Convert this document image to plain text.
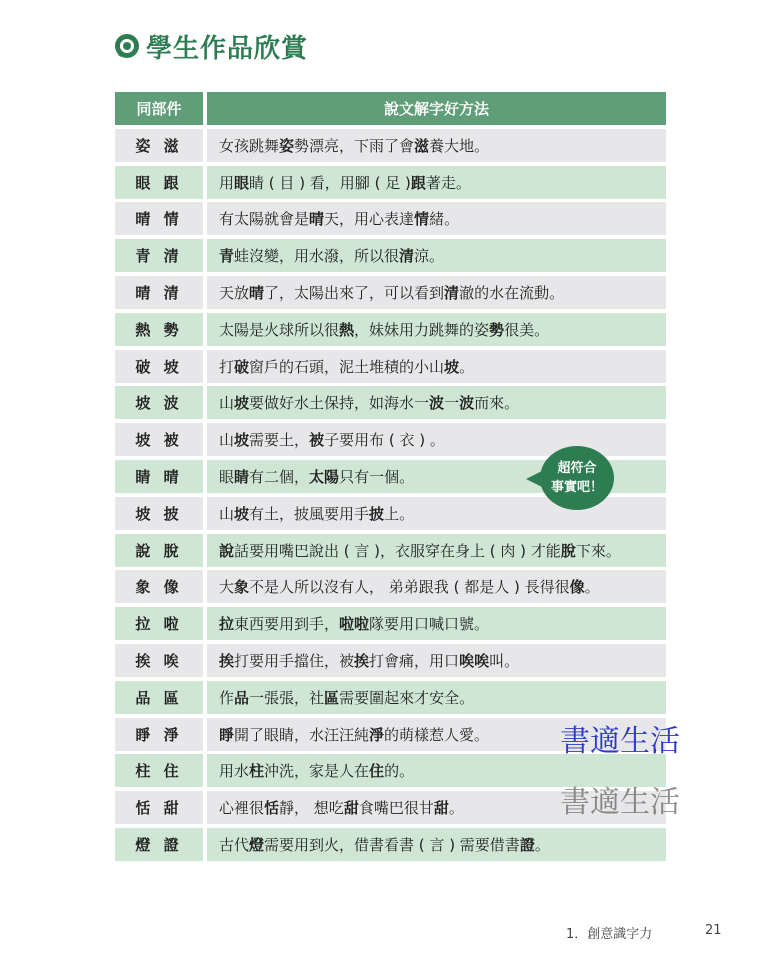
學生作品欣賞
同部件	說文解字好方法
姿 滋	女孩跳舞 姿 勢漂亮，下雨了會 滋 養大地。
眼 跟	用 眼 睛 ( 目 ) 看，用腳 ( 足 ) 跟 著走。
晴 情	有太陽就會是 晴 天，用心表達 情 緒。
青 清	青 蛙沒變，用水潑，所以很 清 涼。
晴 清	天放 晴 了，太陽出來了，可以看到 清 澈的水在流動。
熱 勢	太陽是火球所以很 熱 ，妹妹用力跳舞的姿 勢 很美。
破 坡	打 破 窗戶的石頭，泥土堆積的小山 坡 。
坡 波	山 坡 要做好水土保持，如海水一 波 一 波 而來。
坡 被	山 坡 需要土， 被 子要用布 ( 衣 ) 。
睛 晴	眼 睛 有二個， 太陽 只有一個。
坡 披	山 坡 有土，披風要用手 披 上。
說 脫	說 話要用嘴巴說出 ( 言 )，衣服穿在身上 ( 肉 ) 才能 脫 下來。
象 像	大 象 不是人所以沒有人， 弟弟跟我 ( 都是人 ) 長得很 像 。
拉 啦	拉 東西要用到手， 啦啦 隊要用口喊口號。
挨 唉	挨 打要用手擋住，被 挨 打會痛，用口 唉唉 叫。
品 區	作 品 一張張，社 區 需要圍起來才安全。
睜 淨	睜 開了眼睛，水汪汪純 淨 的萌樣惹人愛。
柱 住	用水 柱 沖洗，家是人在 住 的。
恬 甜	心裡很 恬 靜， 想吃 甜 食嘴巴很甘 甜 。
燈 證	古代 燈 需要用到火，借書看書 ( 言 ) 需要借書 證 。
超符合
事實吧！
書適生活
書適生活
1．創意識字力	21
